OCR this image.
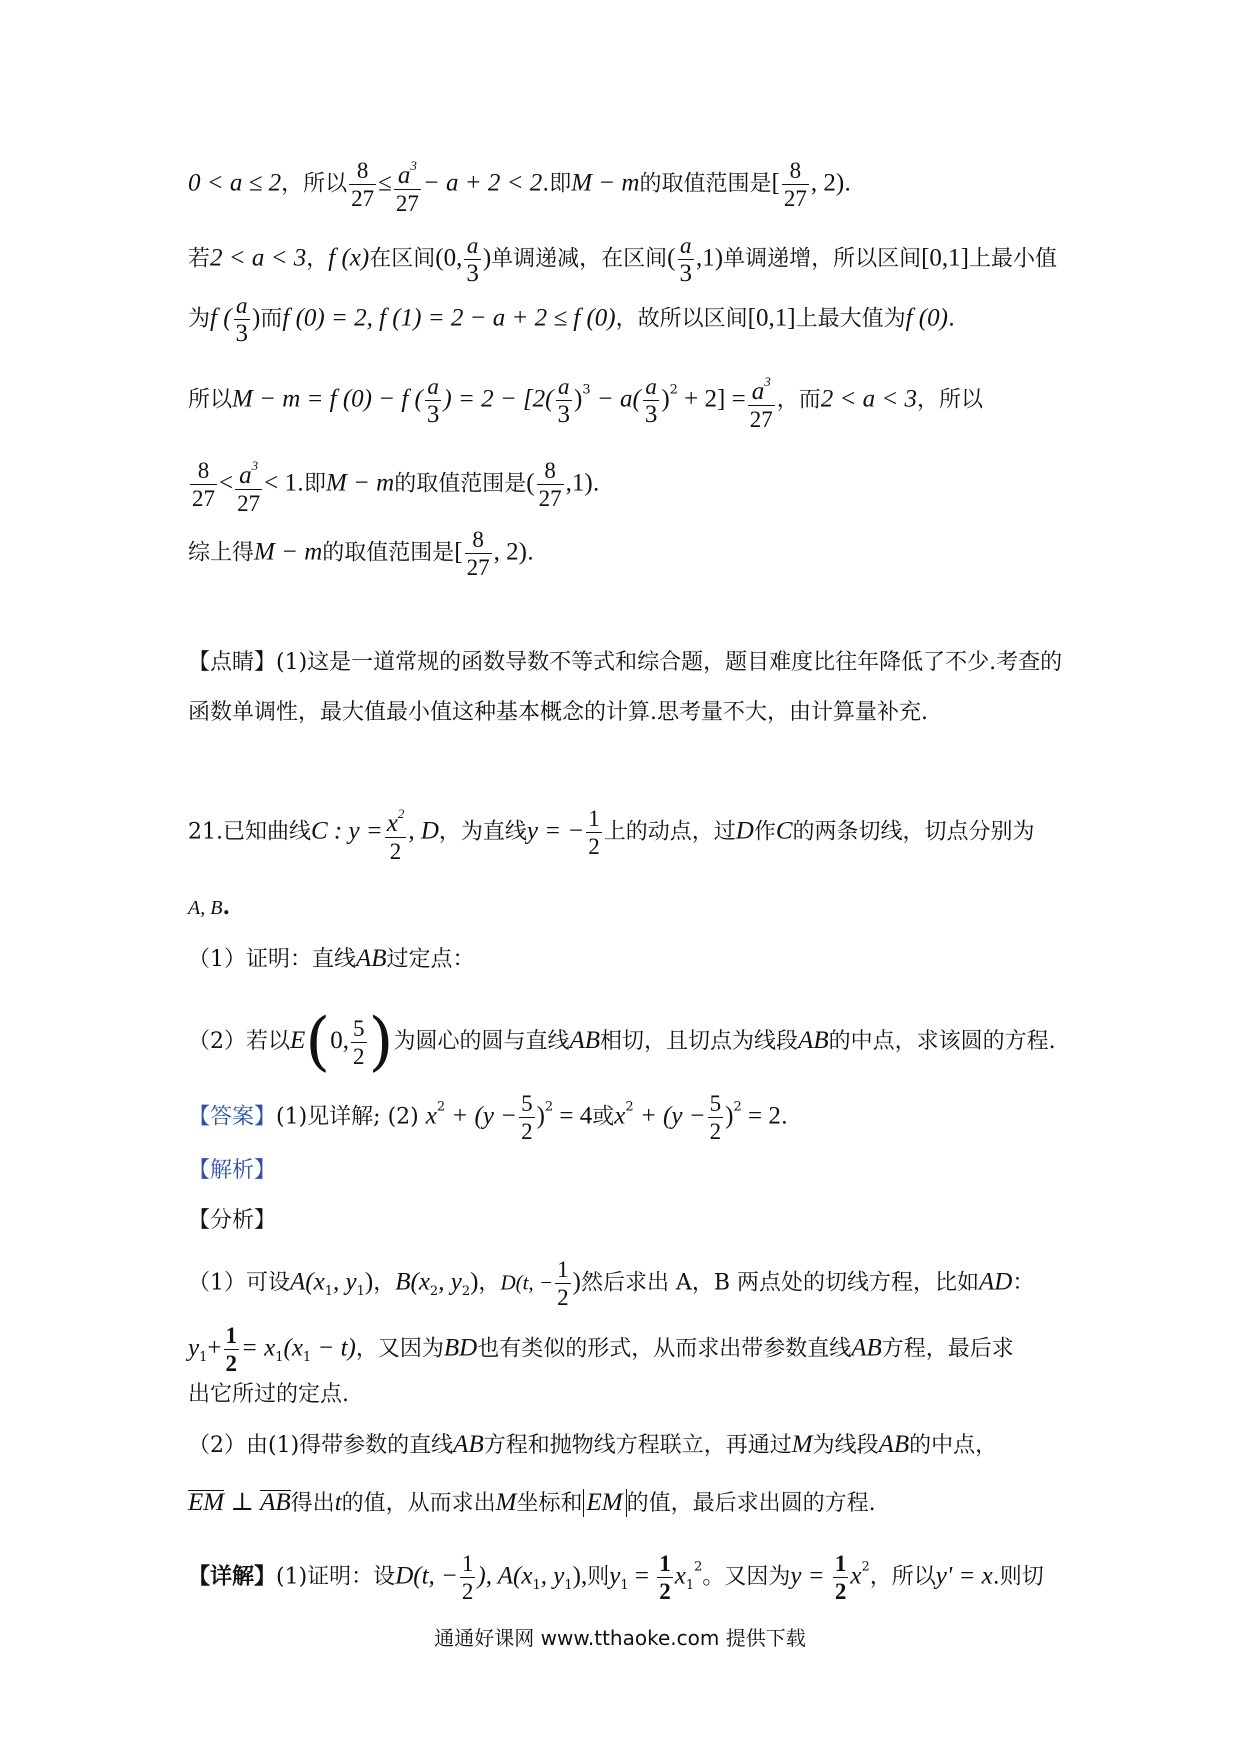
0 < a ≤ 2，所以 $\frac{8}{27} \le \frac{a^3}{27} - a + 2 < 2$.即M − m的取值范围是[ $\frac{8}{27}$ , 2).
若2 < a < 3，f (x)在区间(0, $\frac{a}{3}$ )单调递减，在区间( $\frac{a}{3} ,1$)单调递增，所以区间[0,1]上最小值
为f ( $\frac{a}{3}$ )而f (0) = 2, f (1) = 2 − a + 2 ≤ f (0)，故所以区间[0,1]上最大值为f (0).
所以M − m = f (0) − f ( $\frac{a}{3}$ ) = $2 - [2( \frac{a}{3} )^3 - a( \frac{a}{3} )^2 + 2] = \frac{a^3}{27}$ ，而2 < a < 3，所以
$\frac{8}{27} < \frac{a^3}{27} < 1$.即M − m的取值范围是( $\frac{8}{27} ,1$).
综上得M − m的取值范围是[ $\frac{8}{27}$ , 2).
【点睛】(1)这是一道常规的函数导数不等式和综合题，题目难度比往年降低了不少.考查的
函数单调性，最大值最小值这种基本概念的计算.思考量不大，由计算量补充.
21.已知曲线C : $y = \frac{x^2}{2}$ , D，为直线y = − $\frac{1}{2}$ 上的动点，过D作C的两条切线，切点分别为
A, B.
（1）证明：直线AB过定点：
（2）若以E(0, $\frac{5}{2}$ )为圆心的圆与直线AB相切，且切点为线段AB的中点，求该圆的方程.
【答案】(1)见详解; (2) $x^2 + (y - \frac{5}{2} )^2 = 4$或$x^2 + (y - \frac{5}{2} )^2 = 2$.
【解析】
【分析】
（1）可设$A(x_1$, $y_1$)，$B(x_2$, $y_2$)，D(t, − $\frac{1}{2}$ )然后求出 A，B 两点处的切线方程，比如AD：
$y_1+ \frac{1}{2} = x_1(x_1 - t)$，又因为BD也有类似的形式，从而求出带参数直线AB方程，最后求
出它所过的定点.
（2）由(1)得带参数的直线AB方程和抛物线方程联立，再通过M为线段AB的中点，
EM ⊥ AB得出t的值，从而求出M坐标和 EM 的值，最后求出圆的方程.
【详解】(1)证明：设D(t, − $\frac{1}{2}$ ), $A(x_1$, $y_1$),则$y_1 = \frac{1}{2} x_1^2$。又因为$y = \frac{1}{2} x^2$，所以y' = x.则切
通通好课网 www.tthaoke.com 提供下载
